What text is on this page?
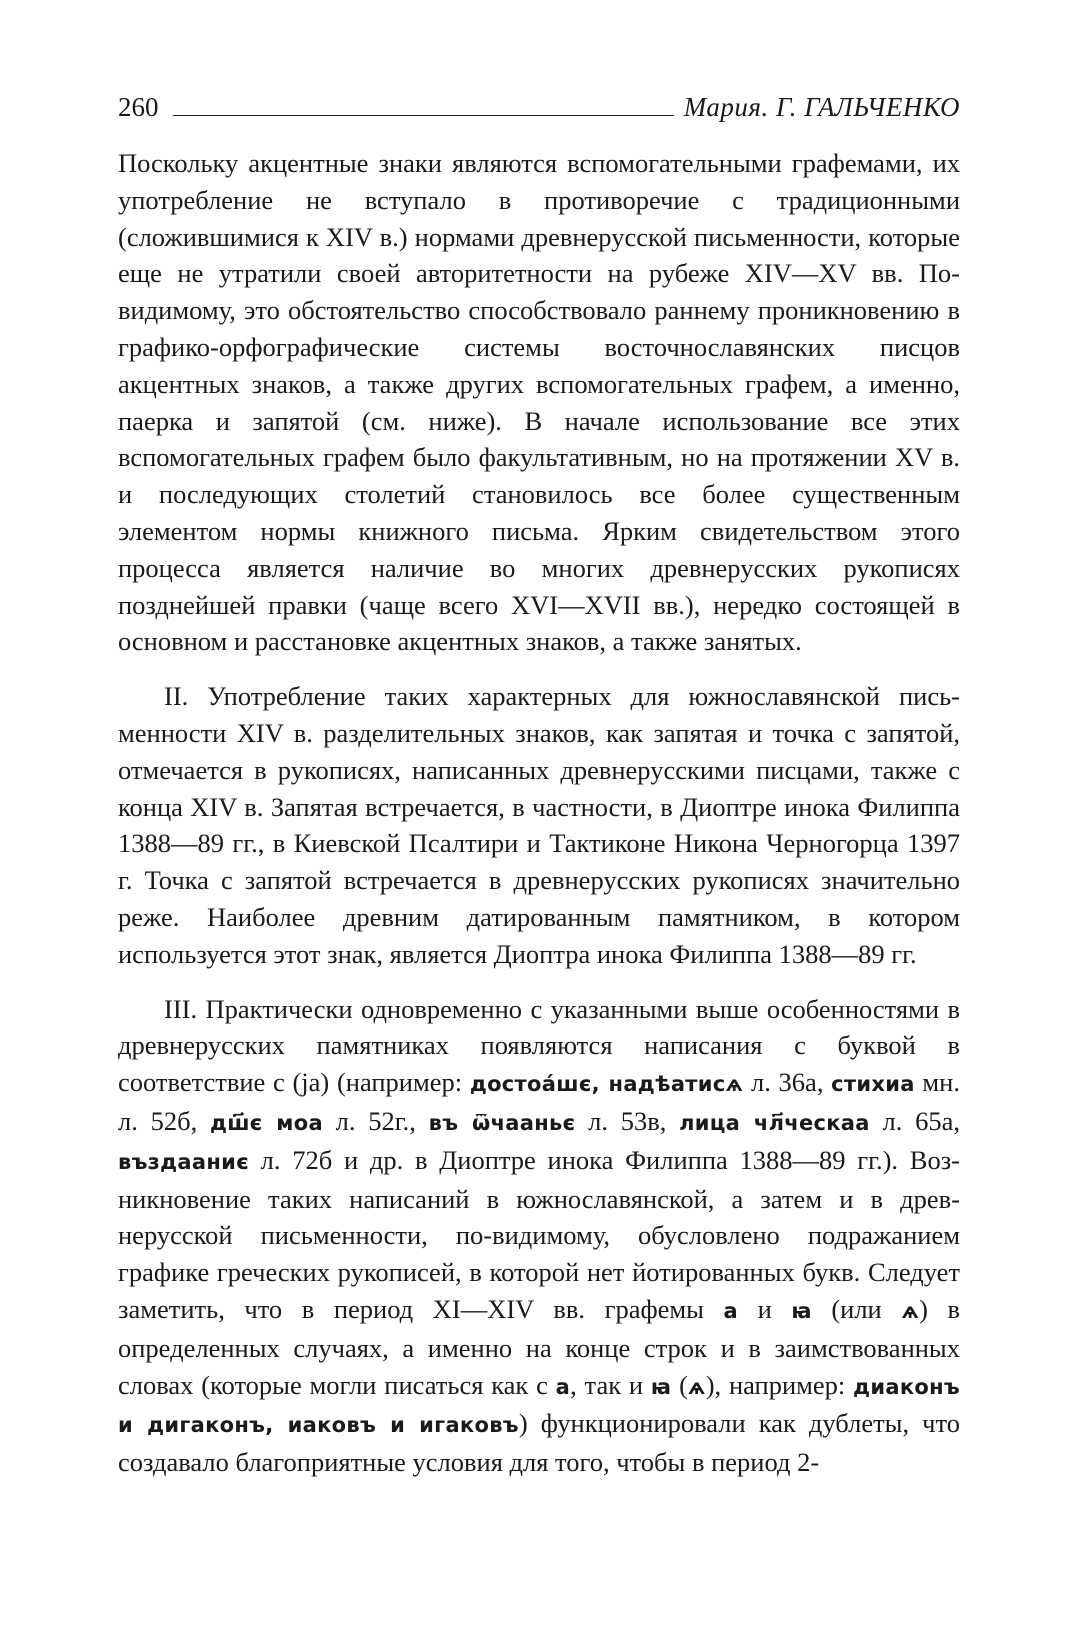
260	Мария. Г. ГАЛЬЧЕНКО

Поскольку акцентные знаки являются вспомогательными графемами, их употребление не вступало в противоречие с традиционными (сложившимися к XIV в.) нормами древнерусской письменности, которые еще не утратили своей авторитетности на рубеже XIV—XV вв. По-видимому, это обстоятельство способствовало раннему проникновению в графико-орфографические системы восточнославянских писцов акцентных знаков, а также других вспомогательных графем, а именно, паерка и запятой (см. ниже). В начале использование все этих вспомогательных графем было факультативным, но на протяжении XV в. и последующих столетий становилось все более существенным элементом нормы книжного письма. Ярким свидетельством этого процесса является наличие во многих древнерусских рукописях позднейшей правки (чаще всего XVI—XVII вв.), нередко состоящей в основном и расстановке акцентных знаков, а также занятых.

II. Употребление таких характерных для южнославянской письменности XIV в. разделительных знаков, как запятая и точка с запятой, отмечается в рукописях, написанных древнерусскими писцами, также с конца XIV в. Запятая встречается, в частности, в Диоптре инока Филиппа 1388—89 гг., в Киевской Псалтири и Тактиконе Никона Черногорца 1397 г. Точка с запятой встречается в древнерусских рукописях значительно реже. Наиболее древним датированным памятником, в котором используется этот знак, является Диоптра инока Филиппа 1388—89 гг.

III. Практически одновременно с указанными выше особенностями в древнерусских памятниках появляются написания с буквой в соответствие с (ja) (например: достоа́шє, надѣатисѧ л. 36а, стихиа мн. л. 52б, дш҃є моа л. 52г., въ ѿчааньє л. 53в, лица чл҃ческаа л. 65а, въздааниє л. 72б и др. в Диоптре инока Филиппа 1388—89 гг.). Возникновение таких написаний в южнославянской, а затем и в древнерусской письменности, по-видимому, обусловлено подражанием графике греческих рукописей, в которой нет йотированных букв. Следует заметить, что в период XI—XIV вв. графемы а и ꙗ (или ѧ) в определенных случаях, а именно на конце строк и в заимствованных словах (которые могли писаться как с а, так и ꙗ (ѧ), например: диаконъ и дигаконъ, иаковъ и игаковъ) функционировали как дублеты, что создавало благоприятные условия для того, чтобы в период 2-
